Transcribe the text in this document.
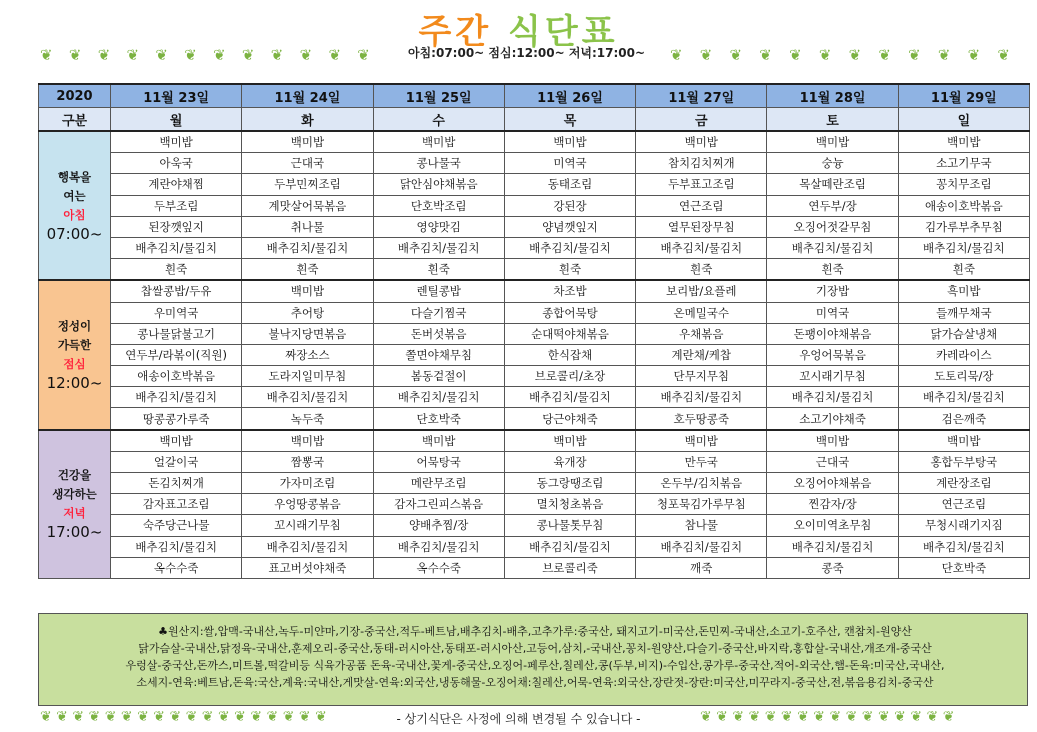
주간 식단표
아침:07:00~ 점심:12:00~ 저녁:17:00~
❦ ❦ ❦ ❦ ❦ ❦ ❦ ❦ ❦ ❦ ❦ ❦	❦ ❦ ❦ ❦ ❦ ❦ ❦ ❦ ❦ ❦ ❦ ❦
2020	11월 23일	11월 24일	11월 25일	11월 26일	11월 27일	11월 28일	11월 29일
구분	월	화	수	목	금	토	일

행복을
여는
아침
07:00~	백미밥	백미밥	백미밥	백미밥	백미밥	백미밥	백미밥
	아욱국	근대국	콩나물국	미역국	참치김치찌개	숭늉	소고기무국
	계란야채찜	두부민찌조림	닭안심야채볶음	동태조림	두부표고조림	목살떼란조림	꽁치무조림
	두부조림	계맛살어묵볶음	단호박조림	강된장	연근조림	연두부/장	애송이호박볶음
	된장깻잎지	취나물	영양맛김	양념깻잎지	열무된장무침	오징어젓갈무침	김가루부추무침
	배추김치/물김치	배추김치/물김치	배추김치/물김치	배추김치/물김치	배추김치/물김치	배추김치/물김치	배추김치/물김치
	흰죽	흰죽	흰죽	흰죽	흰죽	흰죽	흰죽

정성이
가득한
점심
12:00~	찹쌀콩밥/두유	백미밥	렌틸콩밥	차조밥	보리밥/요플레	기장밥	흑미밥
	우미역국	추어탕	다슬기찜국	종합어묵탕	온메밀국수	미역국	들깨무채국
	콩나물닭불고기	불낙지당면볶음	돈버섯볶음	순대떡야채볶음	우채볶음	돈팽이야채볶음	닭가슴살냉채
	연두부/라볶이(직원)	짜장소스	쫄면야채무침	한식잡채	계란채/케찹	우엉어묵볶음	카레라이스
	애송이호박볶음	도라지일미무침	봄동겉절이	브로콜리/초장	단무지무침	꼬시래기무침	도토리묵/장
	배추김치/물김치	배추김치/물김치	배추김치/물김치	배추김치/물김치	배추김치/물김치	배추김치/물김치	배추김치/물김치
	땅콩콩가루죽	녹두죽	단호박죽	당근야채죽	호두땅콩죽	소고기야채죽	검은깨죽

건강을
생각하는
저녁
17:00~	백미밥	백미밥	백미밥	백미밥	백미밥	백미밥	백미밥
	얼갈이국	짬뽕국	어묵탕국	육개장	만두국	근대국	홍합두부탕국
	돈김치찌개	가자미조림	메란무조림	동그랑땡조림	온두부/김치볶음	오징어야채볶음	계란장조림
	감자표고조림	우엉땅콩볶음	감자그린피스볶음	멸치청초볶음	청포묵김가루무침	찐감자/장	연근조림
	숙주당근나물	꼬시래기무침	양배추찜/장	콩나물톳무침	참나물	오이미역초무침	무청시래기지짐
	배추김치/물김치	배추김치/물김치	배추김치/물김치	배추김치/물김치	배추김치/물김치	배추김치/물김치	배추김치/물김치
	옥수수죽	표고버섯야채죽	옥수수죽	브로콜리죽	깨죽	콩죽	단호박죽

♣원산지:쌀,압맥-국내산,녹두-미얀마,기장-중국산,적두-베트남,배추김치-배추,고추가루:중국산, 돼지고기-미국산,돈민찌-국내산,소고기-호주산, 캔참치-원양산

닭가슴살-국내산,닭정육-국내산,훈제오리-중국산,동태-러시아산,동태포-러시아산,고등어,삼치,-국내산,꽁치-원양산,다슬기-중국산,바지락,홍합살-국내산,개조개-중국산

우렁살-중국산,돈까스,미트볼,떡갈비등 식육가공품 돈육-국내산,꽃게-중국산,오징어-페루산,칠레산,콩(두부,비지)-수입산,콩가루-중국산,적어-외국산,햄-돈육:미국산,국내산,

소세지-연육:베트남,돈육:국산,계육:국내산,게맛살-연육:외국산,냉동해물-오징어채:칠레산,어묵-연육:외국산,장란젓-장란:미국산,미꾸라지-중국산,전,볶음용김치-중국산

❦ ❦ ❦ ❦ ❦ ❦ ❦ ❦ ❦ ❦ ❦ ❦ ❦ ❦ ❦ ❦ ❦ ❦	- 상기식단은 사정에 의해 변경될 수 있습니다 -	❦ ❦ ❦ ❦ ❦ ❦ ❦ ❦ ❦ ❦ ❦ ❦ ❦ ❦ ❦ ❦
